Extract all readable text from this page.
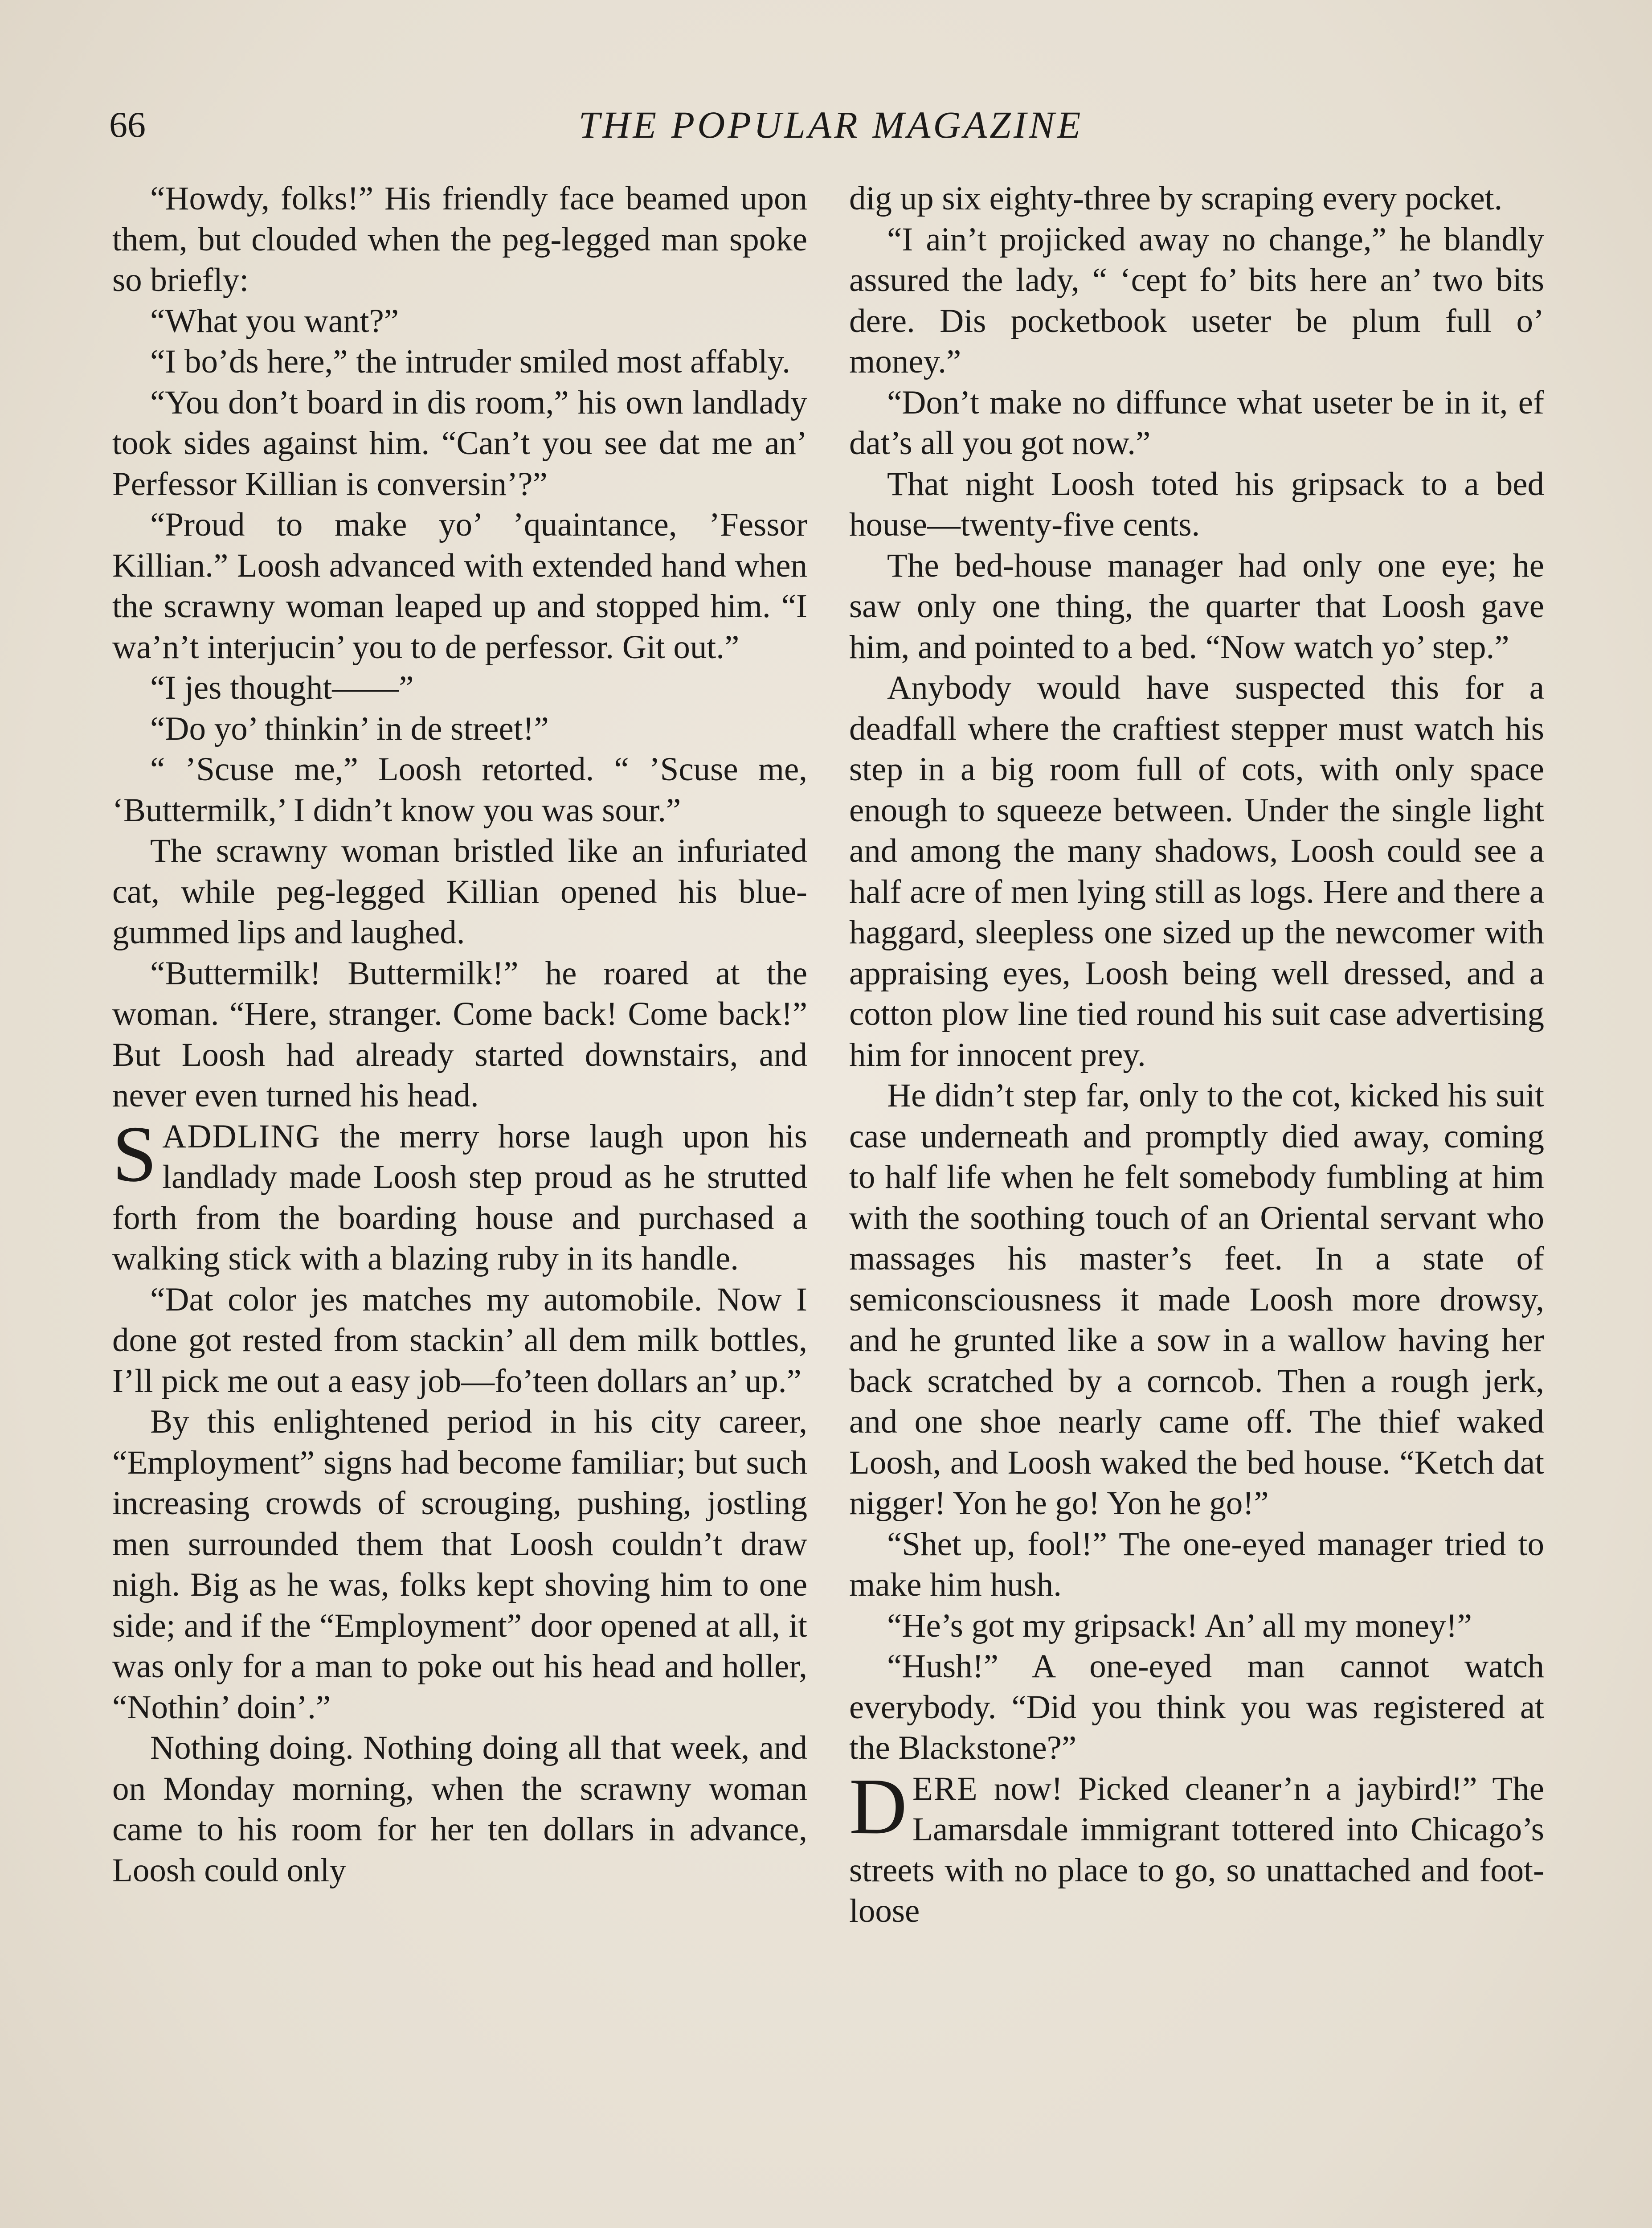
66	THE POPULAR MAGAZINE

“Howdy, folks!” His friendly face beamed upon them, but clouded when the peg-legged man spoke so briefly:

“What you want?”

“I bo’ds here,” the intruder smiled most affably.

“You don’t board in dis room,” his own landlady took sides against him. “Can’t you see dat me an’ Perfessor Killian is conversin’?”

“Proud to make yo’ ’quaintance, ’Fessor Killian.” Loosh advanced with extended hand when the scrawny woman leaped up and stopped him. “I wa’n’t interjucin’ you to de perfessor. Git out.”

“I jes thought——”

“Do yo’ thinkin’ in de street!”

“ ’Scuse me,” Loosh retorted. “ ’Scuse me, ‘Buttermilk,’ I didn’t know you was sour.”

The scrawny woman bristled like an infuriated cat, while peg-legged Killian opened his blue-gummed lips and laughed.

“Buttermilk! Buttermilk!” he roared at the woman. “Here, stranger. Come back! Come back!” But Loosh had already started downstairs, and never even turned his head.

SADDLING the merry horse laugh upon his landlady made Loosh step proud as he strutted forth from the boarding house and purchased a walking stick with a blazing ruby in its handle.

“Dat color jes matches my automobile. Now I done got rested from stackin’ all dem milk bottles, I’ll pick me out a easy job—fo’teen dollars an’ up.”

By this enlightened period in his city career, “Employment” signs had become familiar; but such increasing crowds of scrouging, pushing, jostling men surrounded them that Loosh couldn’t draw nigh. Big as he was, folks kept shoving him to one side; and if the “Employment” door opened at all, it was only for a man to poke out his head and holler, “Nothin’ doin’.”

Nothing doing. Nothing doing all that week, and on Monday morning, when the scrawny woman came to his room for her ten dollars in advance, Loosh could only

dig up six eighty-three by scraping every pocket.

“I ain’t projicked away no change,” he blandly assured the lady, “ ‘cept fo’ bits here an’ two bits dere. Dis pocketbook useter be plum full o’ money.”

“Don’t make no diffunce what useter be in it, ef dat’s all you got now.”

That night Loosh toted his gripsack to a bed house—twenty-five cents.

The bed-house manager had only one eye; he saw only one thing, the quarter that Loosh gave him, and pointed to a bed. “Now watch yo’ step.”

Anybody would have suspected this for a deadfall where the craftiest stepper must watch his step in a big room full of cots, with only space enough to squeeze between. Under the single light and among the many shadows, Loosh could see a half acre of men lying still as logs. Here and there a haggard, sleepless one sized up the newcomer with appraising eyes, Loosh being well dressed, and a cotton plow line tied round his suit case advertising him for innocent prey.

He didn’t step far, only to the cot, kicked his suit case underneath and promptly died away, coming to half life when he felt somebody fumbling at him with the soothing touch of an Oriental servant who massages his master’s feet. In a state of semiconsciousness it made Loosh more drowsy, and he grunted like a sow in a wallow having her back scratched by a corncob. Then a rough jerk, and one shoe nearly came off. The thief waked Loosh, and Loosh waked the bed house. “Ketch dat nigger! Yon he go! Yon he go!”

“Shet up, fool!” The one-eyed manager tried to make him hush.

“He’s got my gripsack! An’ all my money!”

“Hush!” A one-eyed man cannot watch everybody. “Did you think you was registered at the Blackstone?”

DERE now! Picked cleaner’n a jaybird!” The Lamarsdale immigrant tottered into Chicago’s streets with no place to go, so unattached and foot-loose
